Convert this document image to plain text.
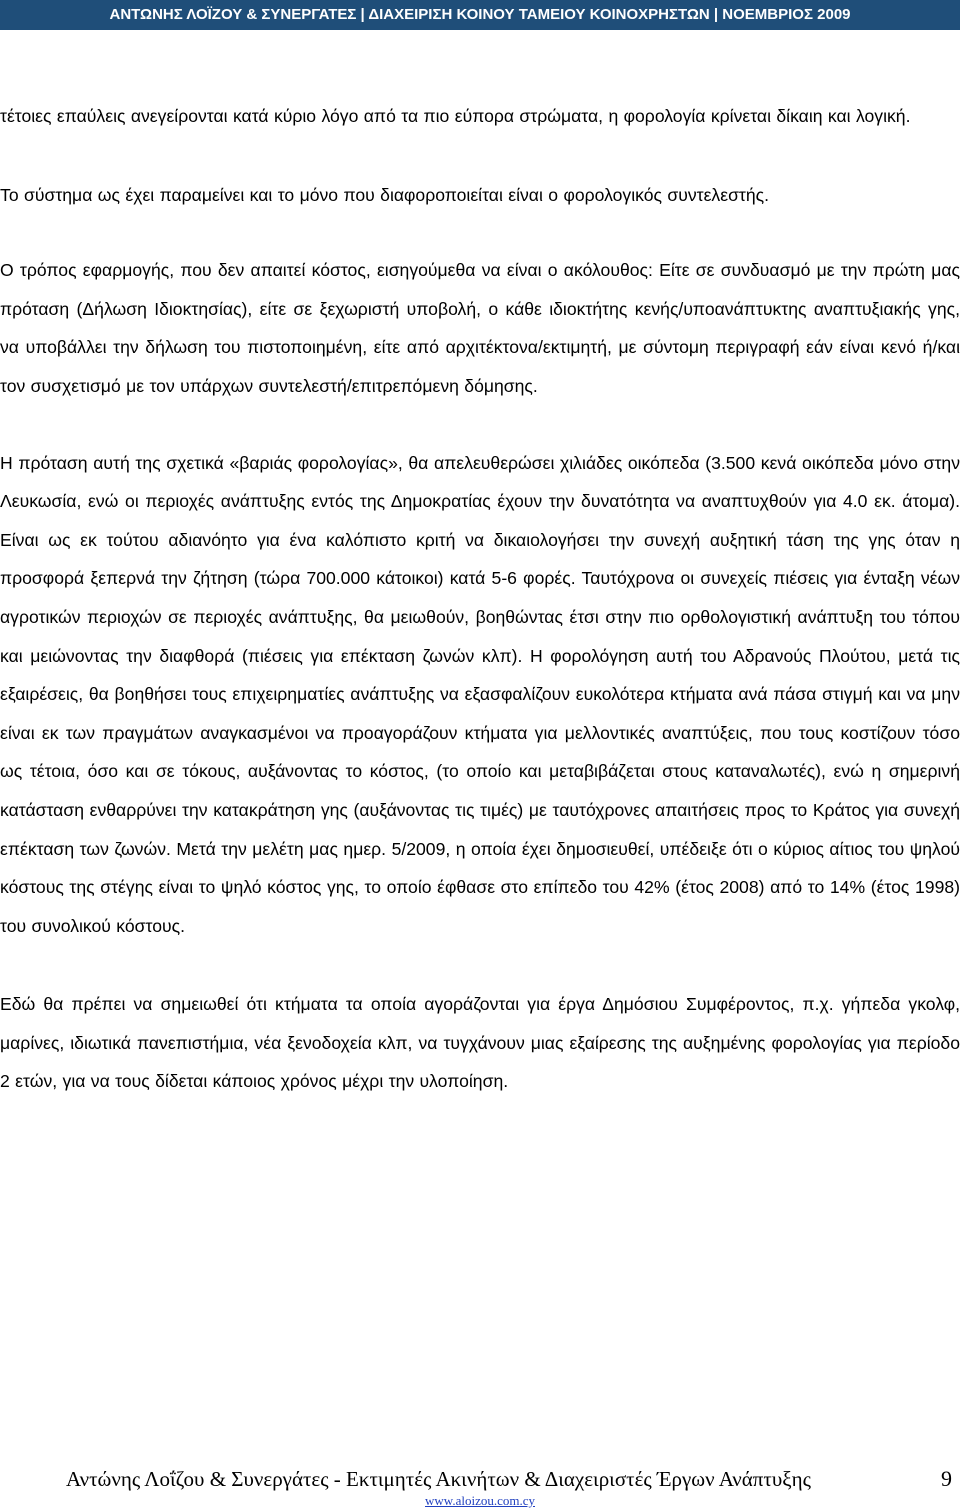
ΑΝΤΩΝΗΣ ΛΟΪΖΟΥ & ΣΥΝΕΡΓΑΤΕΣ | ΔΙΑΧΕΙΡΙΣΗ ΚΟΙΝΟΥ ΤΑΜΕΙΟΥ ΚΟΙΝΟΧΡΗΣΤΩΝ | ΝΟΕΜΒΡΙΟΣ 2009

τέτοιες επαύλεις ανεγείρονται κατά κύριο λόγο από τα πιο εύπορα στρώματα, η φορολογία κρίνεται δίκαιη και λογική.

Το σύστημα ως έχει παραμείνει και το μόνο που διαφοροποιείται είναι ο φορολογικός συντελεστής.

Ο τρόπος εφαρμογής, που δεν απαιτεί κόστος, εισηγούμεθα να είναι ο ακόλουθος: Είτε σε συνδυασμό με την πρώτη μας πρόταση (Δήλωση Ιδιοκτησίας), είτε σε ξεχωριστή υποβολή, ο κάθε ιδιοκτήτης κενής/υποανάπτυκτης αναπτυξιακής γης, να υποβάλλει την δήλωση του πιστοποιημένη, είτε από αρχιτέκτονα/εκτιμητή, με σύντομη περιγραφή εάν είναι κενό ή/και τον συσχετισμό με τον υπάρχων συντελεστή/επιτρεπόμενη δόμησης.

Η πρόταση αυτή της σχετικά «βαριάς φορολογίας», θα απελευθερώσει χιλιάδες οικόπεδα (3.500 κενά οικόπεδα μόνο στην Λευκωσία, ενώ οι περιοχές ανάπτυξης εντός της Δημοκρατίας έχουν την δυνατότητα να αναπτυχθούν για 4.0 εκ. άτομα). Είναι ως εκ τούτου αδιανόητο για ένα καλόπιστο κριτή να δικαιολογήσει την συνεχή αυξητική τάση της γης όταν η προσφορά ξεπερνά την ζήτηση (τώρα 700.000 κάτοικοι) κατά 5-6 φορές. Ταυτόχρονα οι συνεχείς πιέσεις για ένταξη νέων αγροτικών περιοχών σε περιοχές ανάπτυξης, θα μειωθούν, βοηθώντας έτσι στην πιο ορθολογιστική ανάπτυξη του τόπου και μειώνοντας την διαφθορά (πιέσεις για επέκταση ζωνών κλπ). Η φορολόγηση αυτή του Αδρανούς Πλούτου, μετά τις εξαιρέσεις, θα βοηθήσει τους επιχειρηματίες ανάπτυξης να εξασφαλίζουν ευκολότερα κτήματα ανά πάσα στιγμή και να μην είναι εκ των πραγμάτων αναγκασμένοι να προαγοράζουν κτήματα για μελλοντικές αναπτύξεις, που τους κοστίζουν τόσο ως τέτοια, όσο και σε τόκους, αυξάνοντας το κόστος, (το οποίο και μεταβιβάζεται στους καταναλωτές), ενώ η σημερινή κατάσταση ενθαρρύνει την κατακράτηση γης (αυξάνοντας τις τιμές) με ταυτόχρονες απαιτήσεις προς το Κράτος για συνεχή επέκταση των ζωνών. Μετά την μελέτη μας ημερ. 5/2009, η οποία έχει δημοσιευθεί, υπέδειξε ότι ο κύριος αίτιος του ψηλού κόστους της στέγης είναι το ψηλό κόστος γης, το οποίο έφθασε στο επίπεδο του 42% (έτος 2008) από το 14% (έτος 1998) του συνολικού κόστους.

Εδώ θα πρέπει να σημειωθεί ότι κτήματα τα οποία αγοράζονται για έργα Δημόσιου Συμφέροντος, π.χ. γήπεδα γκολφ, μαρίνες, ιδιωτικά πανεπιστήμια, νέα ξενοδοχεία κλπ, να τυγχάνουν μιας εξαίρεσης της αυξημένης φορολογίας για περίοδο 2 ετών, για να τους δίδεται κάποιος χρόνος μέχρι την υλοποίηση.

Αντώνης Λοΐζου & Συνεργάτες - Εκτιμητές Ακινήτων & Διαχειριστές Έργων Ανάπτυξης	9
www.aloizou.com.cy
